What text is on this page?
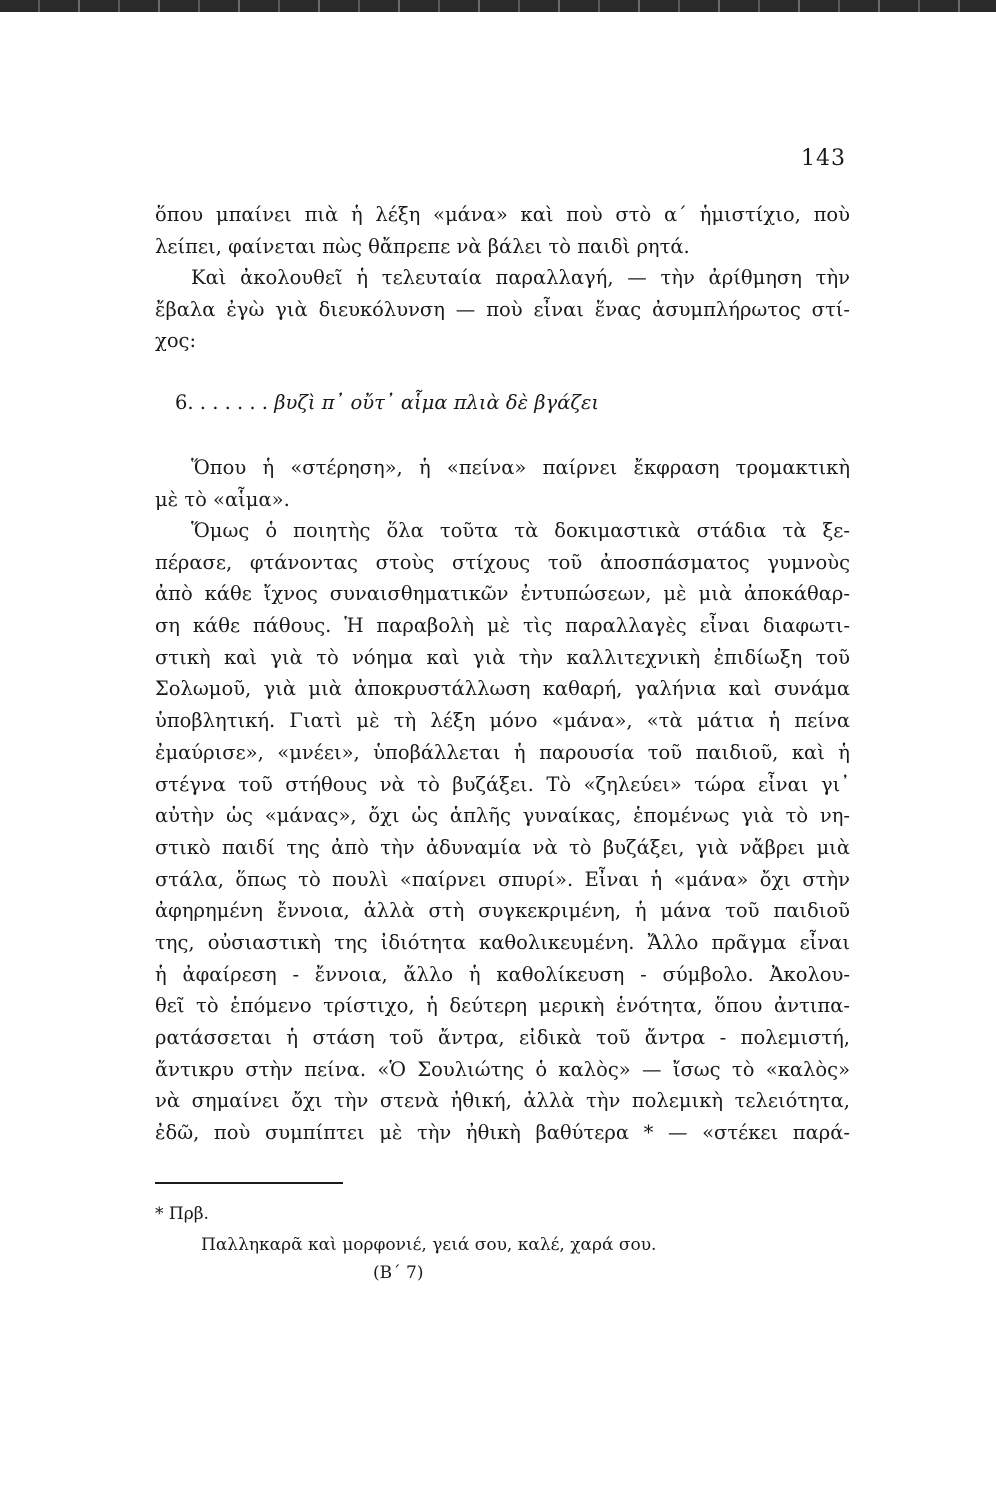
143
ὅπου μπαίνει πιὰ ἡ λέξη «μάνα» καὶ ποὺ στὸ α΄ ἡμιστίχιο, ποὺ
λείπει, φαίνεται πὼς θἄπρεπε νὰ βάλει τὸ παιδὶ ρητά.
Καὶ ἀκολουθεῖ ἡ τελευταία παραλλαγή, — τὴν ἀρίθμηση τὴν
ἔβαλα ἐγὼ γιὰ διευκόλυνση — ποὺ εἶναι ἕνας ἀσυμπλήρωτος στί-
χος:
6. . . . . . . βυζὶ π᾽ οὔτ᾽ αἷμα πλιὰ δὲ βγάζει
Ὅπου ἡ «στέρηση», ἡ «πείνα» παίρνει ἔκφραση τρομακτικὴ
μὲ τὸ «αἷμα».
Ὅμως ὁ ποιητὴς ὅλα τοῦτα τὰ δοκιμαστικὰ στάδια τὰ ξε-
πέρασε, φτάνοντας στοὺς στίχους τοῦ ἀποσπάσματος γυμνοὺς
ἀπὸ κάθε ἴχνος συναισθηματικῶν ἐντυπώσεων, μὲ μιὰ ἀποκάθαρ-
ση κάθε πάθους. Ἡ παραβολὴ μὲ τὶς παραλλαγὲς εἶναι διαφωτι-
στικὴ καὶ γιὰ τὸ νόημα καὶ γιὰ τὴν καλλιτεχνικὴ ἐπιδίωξη τοῦ
Σολωμοῦ, γιὰ μιὰ ἀποκρυστάλλωση καθαρή, γαλήνια καὶ συνάμα
ὑποβλητική. Γιατὶ μὲ τὴ λέξη μόνο «μάνα», «τὰ μάτια ἡ πείνα
ἐμαύρισε», «μνέει», ὑποβάλλεται ἡ παρουσία τοῦ παιδιοῦ, καὶ ἡ
στέγνα τοῦ στήθους νὰ τὸ βυζάξει. Τὸ «ζηλεύει» τώρα εἶναι γι᾽
αὐτὴν ὡς «μάνας», ὄχι ὡς ἁπλῆς γυναίκας, ἑπομένως γιὰ τὸ νη-
στικὸ παιδί της ἀπὸ τὴν ἀδυναμία νὰ τὸ βυζάξει, γιὰ νἄβρει μιὰ
στάλα, ὅπως τὸ πουλὶ «παίρνει σπυρί». Εἶναι ἡ «μάνα» ὄχι στὴν
ἀφηρημένη ἔννοια, ἀλλὰ στὴ συγκεκριμένη, ἡ μάνα τοῦ παιδιοῦ
της, οὐσιαστικὴ της ἰδιότητα καθολικευμένη. Ἄλλο πρᾶγμα εἶναι
ἡ ἀφαίρεση - ἔννοια, ἄλλο ἡ καθολίκευση - σύμβολο. Ἀκολου-
θεῖ τὸ ἑπόμενο τρίστιχο, ἡ δεύτερη μερικὴ ἑνότητα, ὅπου ἀντιπα-
ρατάσσεται ἡ στάση τοῦ ἄντρα, εἰδικὰ τοῦ ἄντρα - πολεμιστή,
ἄντικρυ στὴν πείνα. «Ὁ Σουλιώτης ὁ καλὸς» — ἴσως τὸ «καλὸς»
νὰ σημαίνει ὄχι τὴν στενὰ ἠθική, ἀλλὰ τὴν πολεμικὴ τελειότητα,
ἐδῶ, ποὺ συμπίπτει μὲ τὴν ἠθικὴ βαθύτερα * — «στέκει παρά-
* Πρβ.
Παλληκαρᾶ καὶ μορφονιέ, γειά σου, καλέ, χαρά σου.
(Β΄ 7)
